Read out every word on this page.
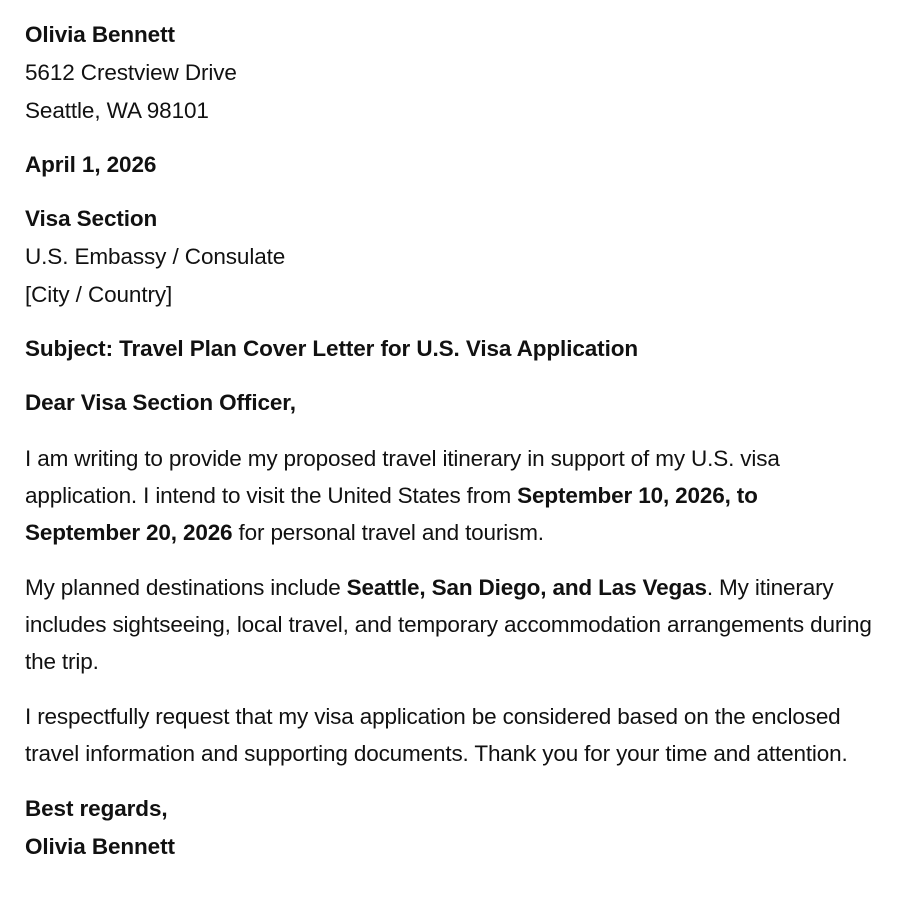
Olivia Bennett
5612 Crestview Drive
Seattle, WA 98101
April 1, 2026
Visa Section
U.S. Embassy / Consulate
[City / Country]
Subject: Travel Plan Cover Letter for U.S. Visa Application
Dear Visa Section Officer,

I am writing to provide my proposed travel itinerary in support of my U.S. visa application. I intend to visit the United States from September 10, 2026, to September 20, 2026 for personal travel and tourism.

My planned destinations include Seattle, San Diego, and Las Vegas. My itinerary includes sightseeing, local travel, and temporary accommodation arrangements during the trip.

I respectfully request that my visa application be considered based on the enclosed travel information and supporting documents. Thank you for your time and attention.

Best regards,
Olivia Bennett
